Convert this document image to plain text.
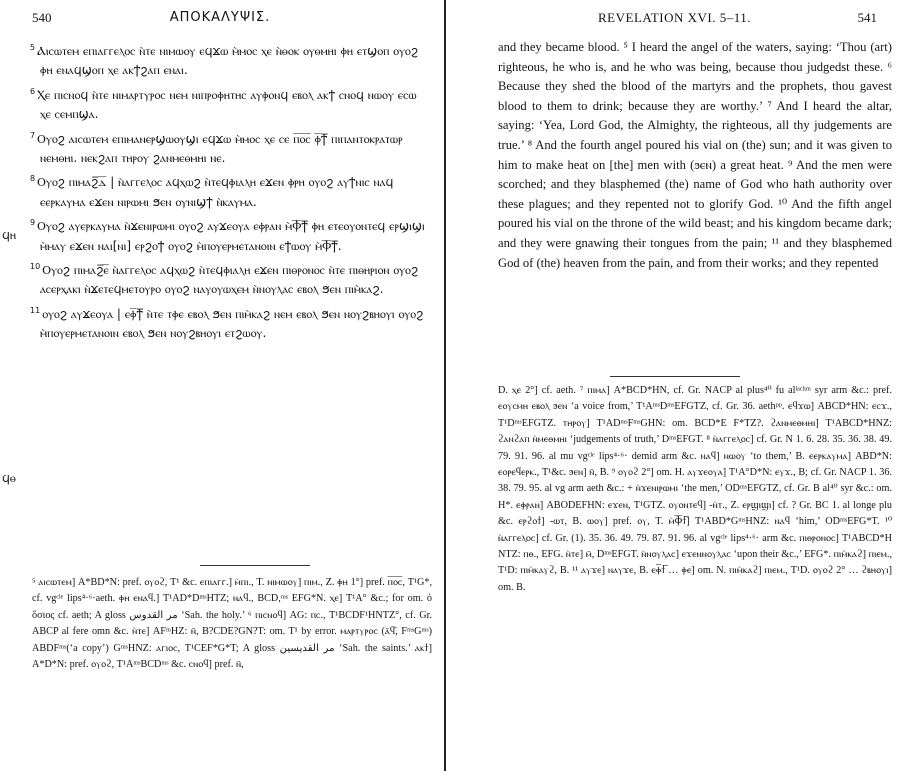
540	ΑΠΟΚΑΛΥΨΙΣ.
ϥⲏ
ϥⲑ

$^5$ Ⲁⲓⲥⲱⲧⲉⲙ ⲉⲡⲓⲁⲅⲅⲉⲗⲟⲥ ⲛ̀ⲧⲉ ⲛⲓⲙⲱⲟⲩ ⲉϥϫⲱ ⲙ̀ⲙⲟⲥ ⲭⲉ ⲛ̀ⲑⲟⲕ ⲟⲩⲑⲙⲏⲓ ⲫⲏ ⲉⲧϣⲟⲡ ⲟⲩⲟϩ ⲫⲏ ⲉⲛⲁϥϣⲟⲡ ⲭⲉ ⲁⲕϯϩⲁⲡ ⲉⲛⲁⲓ.

$^6$ Ⲭⲉ ⲡⲓⲥⲛⲟϥ ⲛ̀ⲧⲉ ⲛⲓⲙⲁⲣⲧⲩⲣⲟⲥ ⲛⲉⲙ ⲛⲓⲡⲣⲟⲫⲏⲧⲏⲥ ⲁⲩⲫⲟⲛϥ ⲉⲃⲟⲗ ⲁⲕϯ ⲥⲛⲟϥ ⲛⲱⲟⲩ ⲉⲥⲱ ⲭⲉ ⲥⲉⲙⲡϣⲁ.

$^7$ Ⲟⲩⲟϩ ⲁⲓⲥⲱⲧⲉⲙ ⲉⲡⲓⲙⲁⲛⲉⲣϣⲱⲟⲩϣⲓ ⲉϥϫⲱ ⲙ̀ⲙⲟⲥ ⲭⲉ ⲥⲉ ⲡ̅ⲟ̅ⲥ̅ ⲫ̅ϯ̅ ⲡⲓⲡⲁⲛⲧⲟⲕⲣⲁⲧⲱⲣ ⲛⲉⲙⲑⲏⲓ. ⲛⲉⲕϩⲁⲡ ⲧⲏⲣⲟⲩ ϩⲁⲛⲙⲉⲑⲙⲏⲓ ⲛⲉ.

$^8$ Ⲟⲩⲟϩ ⲡⲓⲙⲁϩ̅ⲇ̅ | ⲛ̀ⲁⲅⲅⲉⲗⲟⲥ ⲁϥⲭⲱϩ ⲛ̀ⲧⲉϥⲫⲓⲁⲗⲏ ⲉϫⲉⲛ ⲫⲣⲏ ⲟⲩⲟϩ ⲁⲩϯⲛⲓⲥ ⲛⲁϥ ⲉⲉⲣⲕⲁⲩⲙⲁ ⲉϫⲉⲛ ⲛⲓⲣⲱⲙⲓ ϧⲉⲛ ⲟⲩⲛⲓϣϯ ⲛ̀ⲕⲁⲩⲙⲁ.

$^9$ Ⲟⲩⲟϩ ⲁⲩⲉⲣⲕⲁⲩⲙⲁ ⲛ̀ϫⲉⲛⲓⲣⲱⲙⲓ ⲟⲩⲟϩ ⲁⲩϫⲉⲟⲩⲁ ⲉⲫⲣⲁⲛ ⲙ̀Ⲫ̅ϯ̅ ⲫⲏ ⲉⲧⲉⲟⲩⲟⲛⲧⲉϥ ⲉⲣϣⲓϣⲓ ⲙ̀ⲙⲁⲩ ⲉϫⲉⲛ ⲛⲁⲓ[ⲛⲓ] ⲉⲣϩⲟϯ ⲟⲩⲟϩ ⲙ̀ⲡⲟⲩⲉⲣⲙⲉⲧⲁⲛⲟⲓⲛ ⲉϯⲱⲟⲩ ⲙ̀Ⲫ̅ϯ̅.

$^{10}$ Ⲟⲩⲟϩ ⲡⲓⲙⲁϩ̅ⲉ̅ ⲛ̀ⲁⲅⲅⲉⲗⲟⲥ ⲁϥⲭⲱϩ ⲛ̀ⲧⲉϥⲫⲓⲁⲗⲏ ⲉϫⲉⲛ ⲡⲓⲑⲣⲟⲛⲟⲥ ⲛ̀ⲧⲉ ⲡⲓⲑⲏⲣⲓⲟⲛ ⲟⲩⲟϩ ⲁⲥⲉⲣⲭⲁⲕⲓ ⲛ̀ϫⲉⲧⲉϥⲙⲉⲧⲟⲩⲣⲟ ⲟⲩⲟϩ ⲛⲁⲩⲟⲩⲱⲭⲉⲙ ⲛ̀ⲛⲟⲩⲗⲁⲥ ⲉⲃⲟⲗ ϧⲉⲛ ⲡⲓⲙ̀ⲕⲁϩ.

$^{11}$ ⲟⲩⲟϩ ⲁⲩϫⲉⲟⲩⲁ | ⲉⲫ̅ϯ̅ ⲛ̀ⲧⲉ ⲧⲫⲉ ⲉⲃⲟⲗ ϧⲉⲛ ⲡⲓⲙ̀ⲕⲁϩ ⲛⲉⲙ ⲉⲃⲟⲗ ϧⲉⲛ ⲛⲟⲩϩⲃⲏⲟⲩⲓ ⲟⲩⲟϩ ⲙ̀ⲡⲟⲩⲉⲣⲙⲉⲧⲁⲛⲟⲓⲛ ⲉⲃⲟⲗ ϧⲉⲛ ⲛⲟⲩϩⲃⲏⲟⲩⲓ ⲉⲧϩⲱⲟⲩ.

⁵ ⲁⲓⲥⲱⲧⲉⲙ] A*BD*N: pref. ⲟⲩⲟϩ, T¹ &c. ⲉⲡⲓⲁⲅⲅ.] ⲙ̀ⲡⲓ., T. ⲛⲓⲙⲱⲟⲩ] ⲡⲓⲙ., Z. ⲫⲏ 1°] pref. ⲡ̅ⲟ̅ⲥ̅, T¹G*, cf. vgᶜˡᵉ lips⁴·⁶·aeth. ⲫⲏ ⲉⲛⲁϥ.] T¹AD*DᵐˢHTZ; ⲛⲁϥ., BCD,ᵐˢ EFG*N. ⲭⲉ] T¹A° &c.; for om. ὁ ὅσιος cf. aeth; A gloss مر القدوس ‘Sah. the holy.’ ⁶ ⲡⲓⲥⲛⲟϥ] AG: ⲡⲥ., T¹BCDF¹HNTZ°, cf. Gr. ABCP al fere omn &c. ⲛ̀ⲧⲉ] AFᵐHZ: ⲛ̄, B?CDE?GN?T: om. T¹ by error. ⲙⲁⲣⲧⲩⲣⲟⲥ (ⲁ̄ϥ̄, FᵐˢGᵐˢ) ABDFᵐˢ(‘a copy’) GᵐˢHNZ: ⲁⲅⲓⲟⲥ, T¹CEF*G*T; A gloss مر القديسين ‘Sah. the saints.’ ⲁⲕϯ] A*D*N: pref. ⲟⲩⲟϩ, T¹AᵐˢBCDᵐˢ &c. ⲥⲛⲟϥ] pref. ⲛ̄,

REVELATION XVI. 5–11.	541

and they became blood. ⁵ I heard the angel of the waters, saying: ‘Thou (art) righteous, he who is, and he who was being, because thou judgedst these. ⁶ Because they shed the blood of the martyrs and the prophets, thou gavest blood to them to drink; because they are worthy.’ ⁷ And I heard the altar, saying: ‘Yea, Lord God, the Almighty, the righteous, all thy judgements are true.’ ⁸ And the fourth angel poured his vial on (the) sun; and it was given to him to make heat on [the] men with (ϧⲉⲛ) a great heat. ⁹ And the men were scorched; and they blasphemed (the) name of God who hath authority over these plagues; and they repented not to glorify God. ¹⁰ And the fifth angel poured his vial on the throne of the wild beast; and his kingdom became dark; and they were gnawing their tongues from the pain; ¹¹ and they blasphemed God of (the) heaven from the pain, and from their works; and they repented

D. ⲭⲉ 2°] cf. aeth. ⁷ ⲡⲓⲙⲁ] A*BCD*HN, cf. Gr. NACP al plus⁴⁰ fu alˡᵃᶜʰᵐ syr arm &c.: pref. ⲉⲟⲩⲥⲙⲏ ⲉⲃⲟⲗ ϧⲉⲛ ‘a voice from,’ T¹AᵐˢDᵐˢEFGTZ, cf. Gr. 36. aethᵖᵖ. ⲉϥϫⲱ] ABCD*HN: ⲉⲥϫ., T¹DᵐˢEFGTZ. ⲧⲏⲣⲟⲩ] T¹ADᵐˢFᵐˢGHN: om. BCD*E F*TZ?. ϩⲁⲛⲙⲉⲑⲙⲏⲓ] T¹ABCD*HNZ: ϩⲁⲛϩⲁⲡ ⲛ̀ⲙⲉⲑⲙⲏⲓ ‘judgements of truth,’ DᵐˢEFGT. ⁸ ⲛ̀ⲁⲅⲅⲉⲗⲟⲥ] cf. Gr. N 1. 6. 28. 35. 36. 38. 49. 79. 91. 96. al mu vgᶜˡᵉ lips⁴·⁶· demid arm &c. ⲛⲁϥ] ⲛⲱⲟⲩ ‘to them,’ B. ⲉⲉⲣⲕⲁⲩⲙⲁ] ABD*N: ⲉⲟⲣⲉϥⲉⲣⲕ., T¹&c. ϧⲉⲛ] ⲛ̄, B. ⁹ ⲟⲩⲟϩ 2°] om. H. ⲁⲩϫⲉⲟⲩⲁ] T¹A°D*N: ⲉⲩϫ., B; cf. Gr. NACP 1. 36. 38. 79. 95. al vg arm aeth &c.: + ⲛ̀ϫⲉⲛⲓⲣⲱⲙⲓ ‘the men,’ ODᵐˢEFGTZ, cf. Gr. B al⁴⁰ syr &c.: om. H*. ⲉⲫⲣⲁⲛ] ABODEFHN: ⲉϫⲉⲛ, T¹GTZ. ⲟⲩⲟⲛⲧⲉϥ] -ⲛ̀ⲧ., Z. ⲉⲣϣⲓϣⲓ] cf. ? Gr. BC 1. al longe plu &c. ⲉⲣϩⲟϯ] -ⲱⲧ, B. ⲱⲟⲩ] pref. ⲟⲩ, T. ⲙ̀Ⲫ̅ϯ̅] T¹ABD*GᵐˢHNZ: ⲛⲁϥ ‘him,’ ODᵐˢEFG*T. ¹⁰ ⲛ̀ⲁⲅⲅⲉⲗⲟⲥ] cf. Gr. (1). 35. 36. 49. 79. 87. 91. 96. al vgᶜˡᵉ lips⁴·⁶· arm &c. ⲡⲓⲑⲣⲟⲛⲟⲥ] T¹ABCD*H NTZ: ⲡⲑ., EFG. ⲛ̀ⲧⲉ] ⲙ̄, DᵐˢEFGT. ⲛ̀ⲛⲟⲩⲗⲁⲥ] ⲉϫⲉⲛⲛⲟⲩⲗⲁⲥ ‘upon their &c.,’ EFG*. ⲡⲓⲙ̀ⲕⲁϩ] ⲡⲓⲉⲙ., T¹D: ⲡⲓⲙ̀ⲕⲁⲩϩ, B. ¹¹ ⲁⲩϫⲉ] ⲛⲁⲩϫⲉ, B. ⲉⲫ̅ϯ̅ … ⲫⲉ] om. N. ⲡⲓⲙ̀ⲕⲁϩ] ⲡⲓⲉⲙ., T¹D. ⲟⲩⲟϩ 2° … ϩⲃⲏⲟⲩⲓ] om. B.
